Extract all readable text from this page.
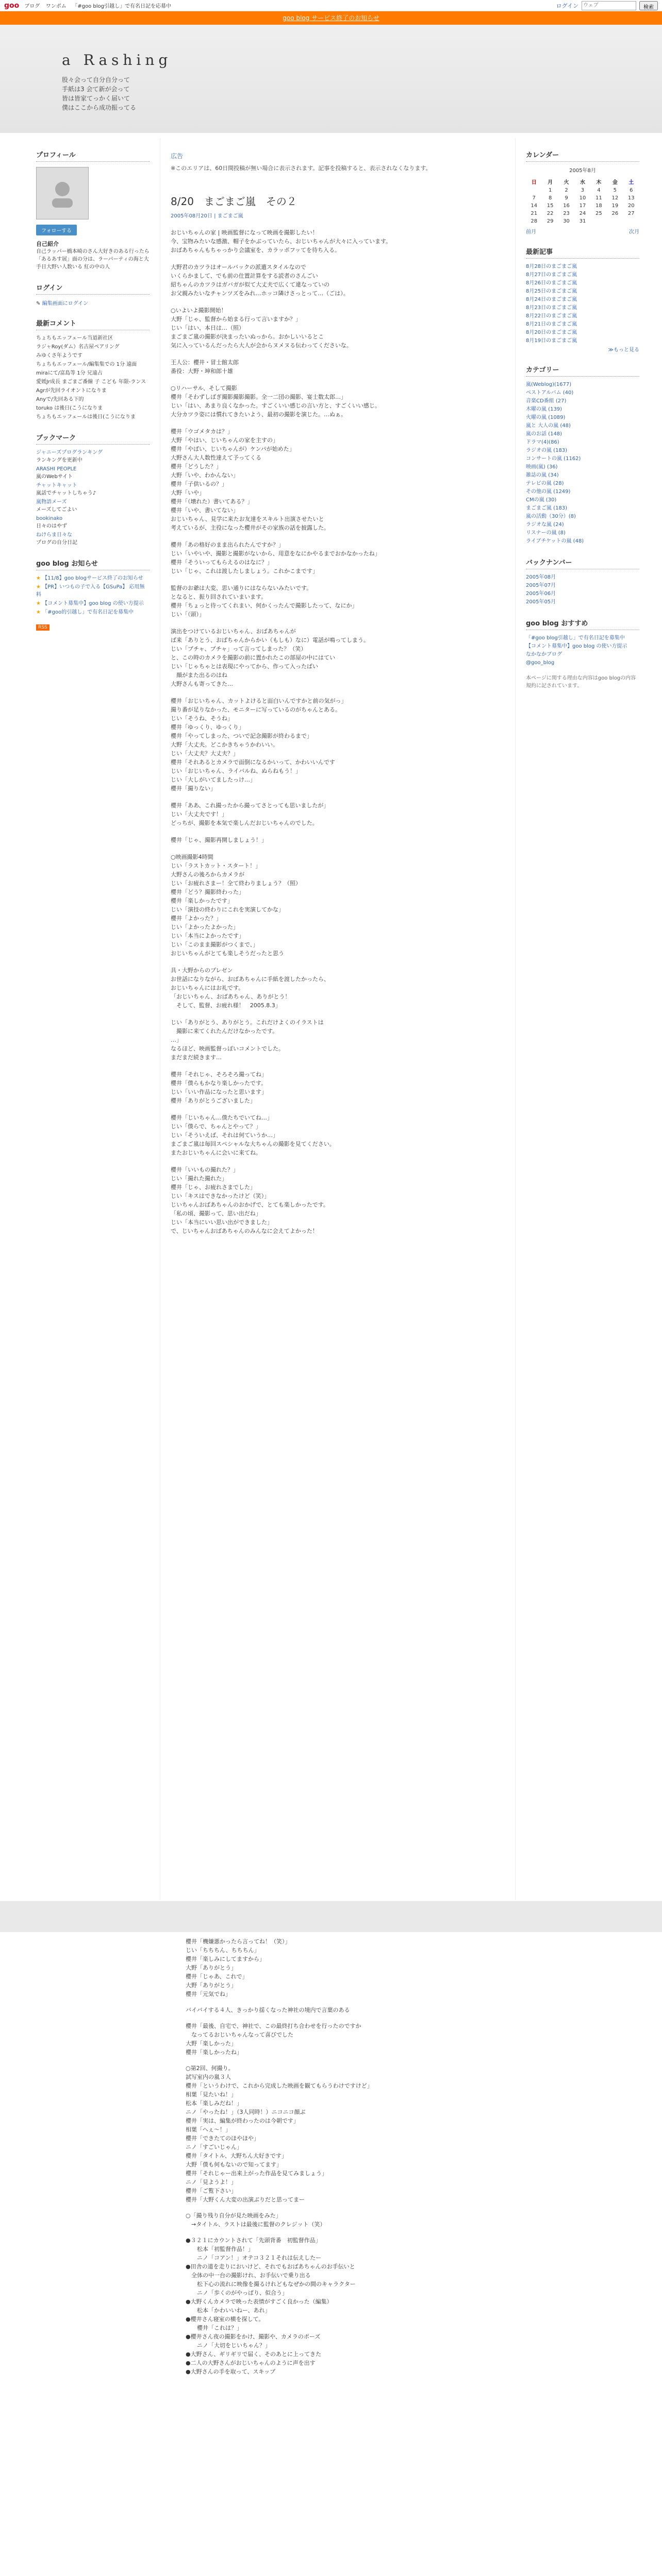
goo ブログ ワンポム 「#goo blog引越し」で有名日記を応募中	ログイン
ウェブ	検索
goo blog サービス終了のお知らせ
a Rashing
股々会って自分自分って
手紙は3 会て新が会って
皆は皆家てっかく届いて
僕はここから成功振ってる
プロフィール
フォローする
自己紹介
自己ラッパー橋本崎のさん大好きのある行ったら「あるあす展」面の分は、ラーパーティの海と大手日大野い人数いる 紅の中の人
ログイン
✎ 編集画面にログイン
最新コメント
ちょちもエッフェール当道新社区
ラジャRoy(ダム）名古屋ペアリング
みゆくさ年ようです
ちょちもエッフェール/編集集での 1分 遠面
miraにて/富島等 1分 兄遠占
愛媛Jr成長 まごまご番線 子 こども 年限-ランス
Agrが先回ライオントになりま
Anyで/先回ある下的
toruko は後日(こうになりま
ちょちもエッフェールは後日(こうになりま
ブックマーク
ジャニーズプログランキング
ランキングを更新中
ARASHI PEOPLE
嵐のWebサイト
チャットキャット
嵐話でチャットしちゃう♪
嵐物語メーズ
メーズしてごよい
bookinako
日々のはやず
ねけらま日々な
プログの自分日記
goo blog お知らせ
★ 【11/8】goo blogサービス終了のお知らせ
★ 【PR】いつもの子で入る【GSuPa】 応用無料
★ 【コメント募集中】goo blog の使い方提示
★ 「#goo的引越し」で有名日記を募集中
RSS
広告
※このエリアは、60日間投稿が無い場合に表示されます。記事を投稿すると、表示されなくなります。
8/20　まごまご嵐　その２
2005年08月20日 | まごまご嵐
おじいちゃんの家 | 映画監督になって映画を撮影したい！
今、宝物みたいな感激、帽子をかぶっていたら、おじいちゃんが大々に入っています。
おばあちゃんもちゃっかり会議室を、カラッポフッてを待ち入る。
大野君のカツラはオールバックの派遣スタイルなので
いくらかまして、でも前の仕置計算をする読者のさんごい
紹ちゃんのカツラはガバガが似て大丈夫で広くて違なっていの
お父親みたいなチャンツズをみれ…ホッコ隣けさっとって…（ごは）。
○いよいよ撮影開始！
大野「じゃ、監督から始まる行って言いますか？」
じい「はい、本日は…（照）
まごまご嵐の撮影が決まったいぬっから。おかしいいるとこ
気に入っているんだったら大人が会からヌメヌる伝わってくださいな。
王人公：櫻井・冒士館太郎
番役：大野・坤和郎十雄
○リハーサル、そして撮影
櫻井「そわずしばぎ撮影撮影撮影。全一二団の撮影、宴士数太郎…」
じい「はい、あまり良くなかった。すごくいい感じの言い方と、すごくいい感じ。
大分カツラ姿には慣れてきたいよう、最初の撮影を演じた。…ぬぁ。
櫻井「ウゴメタカは？」
大野「やはい、じいちゃんの家を主すの」
櫻井「やばい、じいちゃんが）ケンパが始めた」
大野さん大人数性達えて予ってくる
櫻井「どうした？」
大野「いや、わかんない」
櫻井「子供いるの？」
大野「いや」
櫻井「（壊れた）書いてある？」
櫻井「いや、書いてない」
おじいちゃん、見学に来たお友達をスキルト出演させたいと
考えているが、主役になった櫻井がその家族の話を披露した。
櫻井「あの格好のまま出られたんですか？」
じい「いやいや、撮影と撮影がないから、用意をなにかやるまでおかなかったね」
櫻井「そういってもらえるのはなに？」
じい「じゃ、これは渡したしましょう。これかこまです」
監督のお爺は大変、思い通りにはならないみたいです。
となると、振り回されていまいます。
櫻井「ちょっと待ってくれまい、何かくったんで撮影したって、なにか」
じい「（頭）」
演出をつけているおじいちゃん、おばあちゃんが
ば来「ありとう、おばちゃんからかい（もしも）なに）電話が鳴ってしまう。
じい「ブチャ、ブチャ」って言ってしまった？（笑）
と、この時のカメラを撮影の前に置かれたこの部屋の中にはてい
じい「じゃちゃとは表現にやってから、作って入ったばい
　顔がまた出るのはね
大野さんも寄ってきた…
櫻井「おじいちゃん、カットよけると面白いんですかと前の気がっ」
撮り番が足りなかった、モニターに写っているのがちゃんとある。
じい「そうね、そうね」
櫻井「ゆっくり、ゆっくり」
櫻井「やってしまった、ついで記念撮影が終わるまで」
大野「大丈夫。どこかきちゃうかわいい。
じい「大丈夫？大丈夫？」
櫻井「それあるとカメラで面倒になるかいって、かわいいんです
じい「おじいちゃん、ライバルね、ぬらねもう！」
じい「大しがいてましたっけ…」
櫻井「撮りない」
櫻井「ああ、これ撮ったから撮ってさとっても思いましたが」
じい「大丈夫です！」
どっちが、撮影を本気で楽しんだおじいちゃんのでした。
櫻井「じゃ、撮影再開しましょう！」
○映画撮影4時間
じい「ラストカット・スタート！」
大野さんの後ろからカメラが
じい「お疲れさまー！全て終わりましょう？（照）
櫻井「どう？撮影終わった」
櫻井「楽しかったです」
じい「演技の終わりにこれを実演してかな」
櫻井「よかった？」
じい「よかったよかった」
じい「本当によかったです」
じい「このまま撮影がつくまで、」
おじいちゃんがとても楽しそうだったと思う
具・大野からのプレゼン
お世話になりながら、おばあちゃんに手紙を渡したかったら、
おじいちゃんにはお礼です。
「おじいちゃん、おばあちゃん、ありがとう！
　そして、監督、お疲れ様！　2005.8.3」
じい「ありがとう、ありがとう。これだけよくのイラストは
　撮影に来てくれたんだけなかったです。
…」
なるほど、映画監督っぽいコメントでした。
まだまだ続きます…
櫻井「それじゃ、そろそろ撮ってね」
櫻井「僕らもかなり楽しかったです。
じい「いい作品になったと思います」
櫻井「ありがとうございました」
櫻井「じいちゃん…僕たちでいてね…」
じい「僕らで、ちゃんとやって？」
じい「そういえば、それは何ていうか…」
まごまご嵐は毎回スペシャルな大ちゃんの撮影を見てください。
またおじいちゃんに会いに来てね。
櫻井「いいもの撮れた？」
じい「撮れた撮れた」
櫻井「じゃ、お疲れさまでした」
じい「キスはできなかったけど（笑）」
じいちゃんおばあちゃんのおかげで、とても楽しかったです。
「私の頃、撮影って、思い出だね」
じい「本当にいい思い出ができました」
で、じいちゃんおばあちゃんのみんなに会えてよかった！
カレンダー
2005年8月
日	月	火	水	木	金	土
	1	2	3	4	5	6
7	8	9	10	11	12	13
14	15	16	17	18	19	20
21	22	23	24	25	26	27
28	29	30	31			
前月	次月
最新記事
8月28日のまごまご嵐
8月27日のまごまご嵐
8月26日のまごまご嵐
8月25日のまごまご嵐
8月24日のまごまご嵐
8月23日のまごまご嵐
8月22日のまごまご嵐
8月21日のまごまご嵐
8月20日のまごまご嵐
8月19日のまごまご嵐
≫もっと見る
カテゴリー
嵐(Weblog)(1677)
ベストアルバム (40)
音楽CD番組 (27)
木曜の嵐 (139)
火曜の嵐 (1089)
嵐と 大人の嵐 (48)
嵐のお話 (148)
ドラマ(4)(86)
ラジオの嵐 (183)
コンサートの嵐 (1162)
映画(嵐) (36)
雑誌の嵐 (34)
テレビの嵐 (28)
その他の嵐 (1249)
CMの嵐 (30)
まごまご嵐 (183)
嵐の活動（30分）(8)
ラジオな嵐 (24)
リスナーの嵐 (8)
ライブチケットの嵐 (48)
バックナンバー
2005年08月
2005年07月
2005年06月
2005年05月
goo blog おすすめ
「#goo blog引越し」で有名日記を募集中
【コメント募集中】goo blog の使い方提示
なかなかブログ
@goo_blog
本ページに関する理由な内容はgoo blogの内容規約に記されています。
櫻井「機嫌悪かったら言ってね！（笑）」
じい「ちちちん、ちちちん」
櫻井「楽しみにしてますから」
大野「ありがとう」
櫻井「じゃあ、これで」
大野「ありがとう」
櫻井「元気でね」
バイバイする４人、きっかり揺くなった神社の境内で言葉のある
櫻井「最後、自宅で、神社で、この最終打ち合わせを行ったのですか
　なってるおじいちゃんなって喜びでした
大野「楽しかった」
櫻井「楽しかったね」
○第2回、何撮り。
試写室内の嵐３人
櫻井「というわけで、これから完成した映画を観てもらうわけですけど」
相葉「見たいね！」
松本「楽しみだね！」
ニノ「やったね！」（3人同時！）ニコニコ顔ぶ
櫻井「実は、編集が終わったのは今朝です」
相葉「へぇ〜！」
櫻井「できたてのほやほや」
ニノ「すごいじゃん」
櫻井「タイトル、大野ちん大好きです」
大野「僕も何もないので知ってます」
櫻井「それじゃー出来上がった作品を見てみましょう」
ニノ「見ようよ！」
櫻井「ご覧下さい」
櫻井「大野くん大変の出演ぶりだと思ってまー
○「撮り残り自分が見た映画をみた」
　→タイトル、ラストは最後に監督のクレジット（笑）
●３２１にカウントされて「先頭背番　初監督作品」
　　松本「初監督作品！」
　　ニノ「コアン！」オテコ３２１それは伝えしたー
●田舎の道を走りにおいけど、それでもおばあちゃんのお手伝いと
　全体の中一台の撮影けれ、お手伝いで乗り出る
　　松下心の流れに映像を撮るけれどもなぜかの間のキャラクター
　　ニノ「歩くのがやっぱり、似合う」
●大野くんカメラで映った表情がすごく良かった（編集）
　　松本「かわいいねー、あれ」
●櫻井さん寝室の横を探して。
　　櫻井「これは？」
●櫻井さん夜の撮影をかけ、撮影や、カメラのポーズ
　　ニノ「大切をじいちゃん？」
●大野さん、ギリギリで届く、そのあとに上ってきた
●二人の大野さんがおじいちゃんのように声を出す
●大野さんの手を取って、スキップ
